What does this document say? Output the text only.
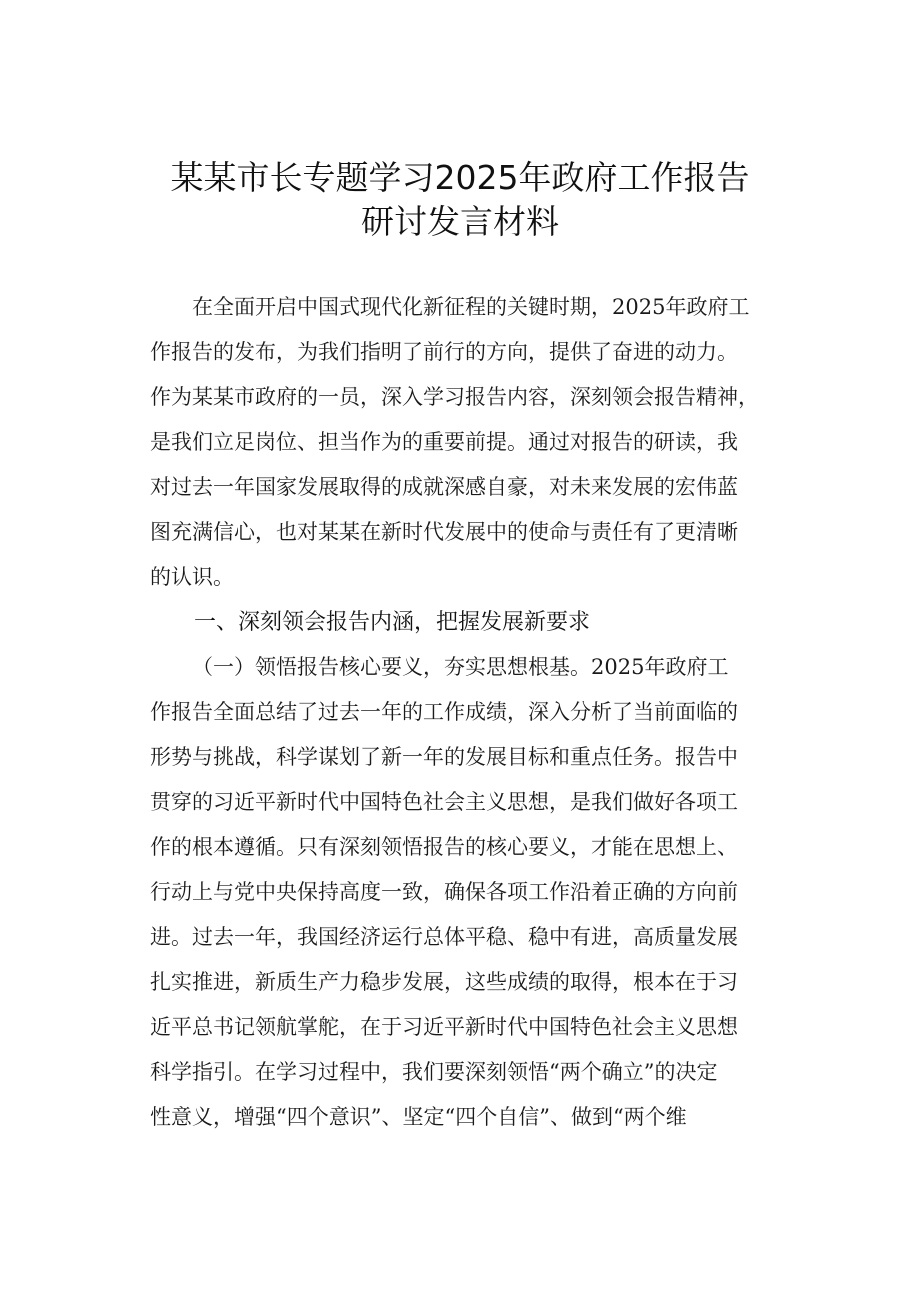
某某市长专题学习2025年政府工作报告
研讨发言材料

在全面开启中国式现代化新征程的关键时期，2025年政府工
作报告的发布，为我们指明了前行的方向，提供了奋进的动力。
作为某某市政府的一员，深入学习报告内容，深刻领会报告精神，
是我们立足岗位、担当作为的重要前提。通过对报告的研读，我
对过去一年国家发展取得的成就深感自豪，对未来发展的宏伟蓝
图充满信心，也对某某在新时代发展中的使命与责任有了更清晰
的认识。

一、深刻领会报告内涵，把握发展新要求

（一）领悟报告核心要义，夯实思想根基。2025年政府工
作报告全面总结了过去一年的工作成绩，深入分析了当前面临的
形势与挑战，科学谋划了新一年的发展目标和重点任务。报告中
贯穿的习近平新时代中国特色社会主义思想，是我们做好各项工
作的根本遵循。只有深刻领悟报告的核心要义，才能在思想上、
行动上与党中央保持高度一致，确保各项工作沿着正确的方向前
进。过去一年，我国经济运行总体平稳、稳中有进，高质量发展
扎实推进，新质生产力稳步发展，这些成绩的取得，根本在于习
近平总书记领航掌舵，在于习近平新时代中国特色社会主义思想
科学指引。在学习过程中，我们要深刻领悟“两个确立”的决定
性意义，增强“四个意识”、坚定“四个自信”、做到“两个维
